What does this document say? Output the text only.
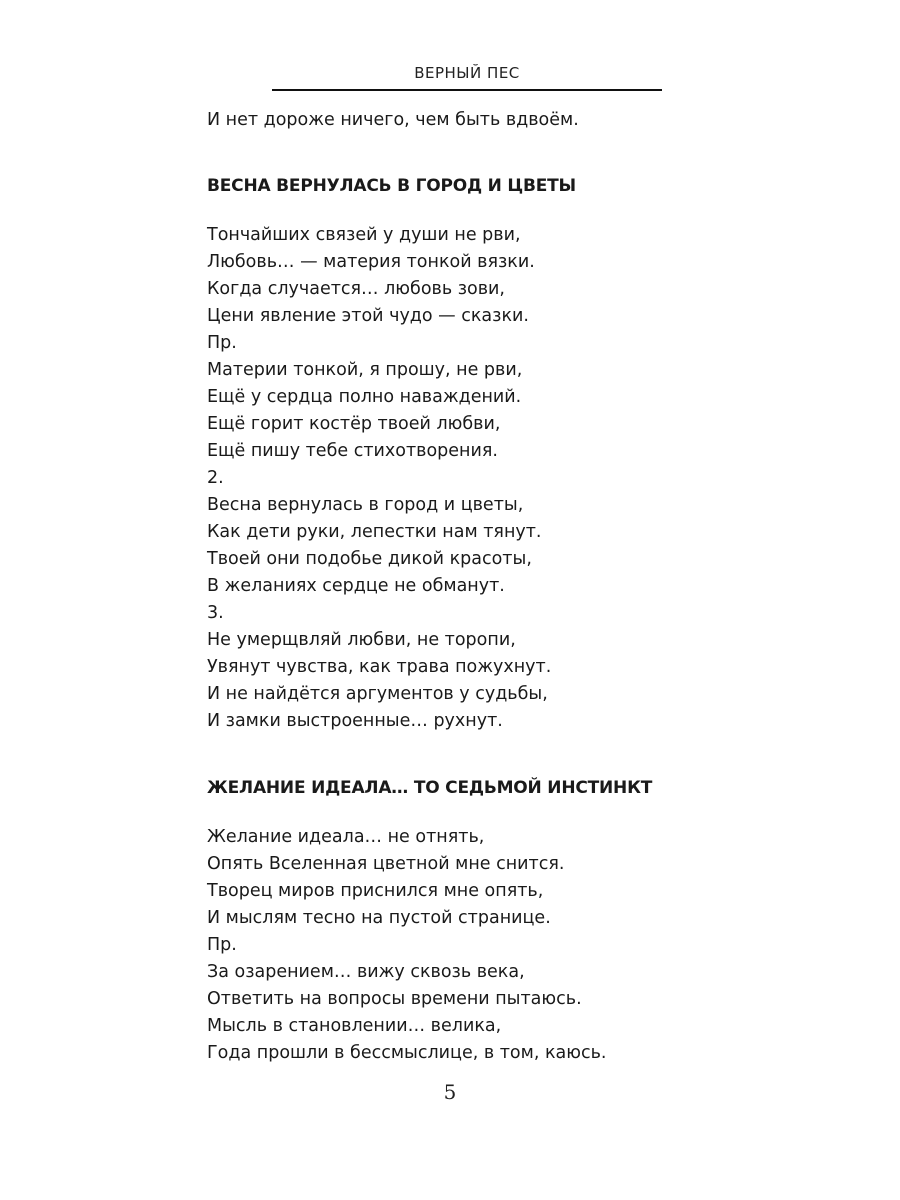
ВЕРНЫЙ ПЕС
И нет дороже ничего, чем быть вдвоём.
ВЕСНА ВЕРНУЛАСЬ В ГОРОД И ЦВЕТЫ
Тончайших связей у души не рви,
Любовь… — материя тонкой вязки.
Когда случается… любовь зови,
Цени явление этой чудо — сказки.
Пр.
Материи тонкой, я прошу, не рви,
Ещё у сердца полно наваждений.
Ещё горит костёр твоей любви,
Ещё пишу тебе стихотворения.
2.
Весна вернулась в город и цветы,
Как дети руки, лепестки нам тянут.
Твоей они подобье дикой красоты,
В желаниях сердце не обманут.
3.
Не умерщвляй любви, не торопи,
Увянут чувства, как трава пожухнут.
И не найдётся аргументов у судьбы,
И замки выстроенные… рухнут.
ЖЕЛАНИЕ ИДЕАЛА… ТО СЕДЬМОЙ ИНСТИНКТ
Желание идеала… не отнять,
Опять Вселенная цветной мне снится.
Творец миров приснился мне опять,
И мыслям тесно на пустой странице.
Пр.
За озарением… вижу сквозь века,
Ответить на вопросы времени пытаюсь.
Мысль в становлении… велика,
Года прошли в бессмыслице, в том, каюсь.
5
